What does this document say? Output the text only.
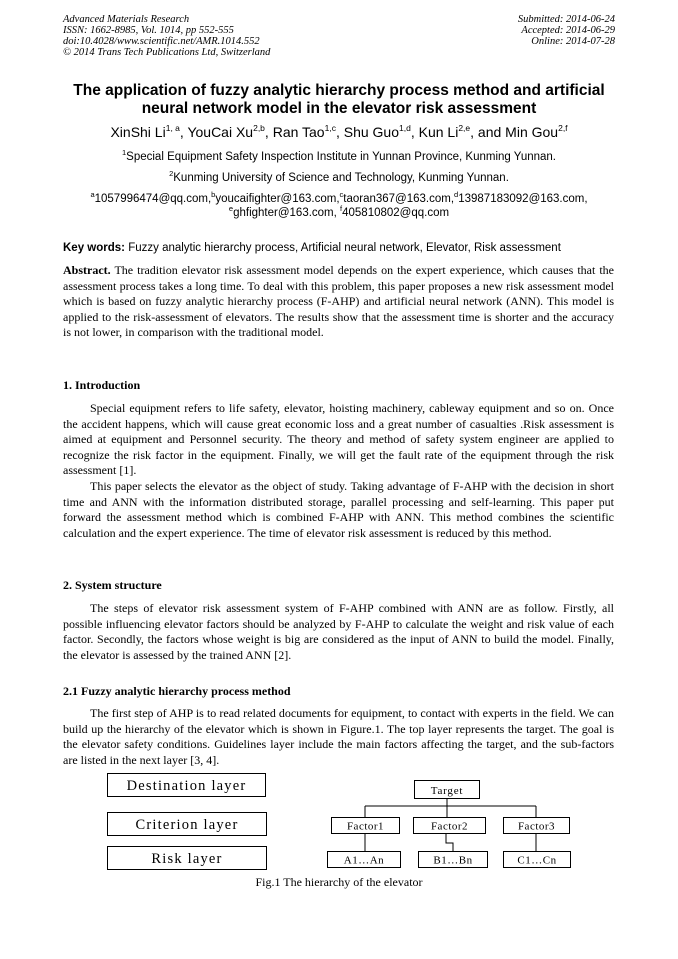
Advanced Materials Research
ISSN: 1662-8985, Vol. 1014, pp 552-555
doi:10.4028/www.scientific.net/AMR.1014.552
© 2014 Trans Tech Publications Ltd, Switzerland
Submitted: 2014-06-24
Accepted: 2014-06-29
Online: 2014-07-28
The application of fuzzy analytic hierarchy process method and artificial neural network model in the elevator risk assessment
XinShi Li$^{1, a}$, YouCai Xu$^{2,b}$, Ran Tao$^{1,c}$, Shu Guo$^{1,d}$, Kun Li$^{2,e}$, and Min Gou$^{2,f}$
$^1$Special Equipment Safety Inspection Institute in Yunnan Province, Kunming Yunnan.
$^2$Kunming University of Science and Technology, Kunming Yunnan.
$^a$1057996474@qq.com,$^b$youcaifighter@163.com,$^c$taoran367@163.com,$^d$13987183092@163.com,
$^e$ghfighter@163.com, $^f$405810802@qq.com
Key words: Fuzzy analytic hierarchy process, Artificial neural network, Elevator, Risk assessment

Abstract. The tradition elevator risk assessment model depends on the expert experience, which causes that the assessment process takes a long time. To deal with this problem, this paper proposes a new risk assessment model which is based on fuzzy analytic hierarchy process (F-AHP) and artificial neural network (ANN). This model is applied to the risk-assessment of elevators. The results show that the assessment time is shorter and the accuracy is not lower, in comparison with the traditional model.

1. Introduction

Special equipment refers to life safety, elevator, hoisting machinery, cableway equipment and so on. Once the accident happens, which will cause great economic loss and a great number of casualties .Risk assessment is aimed at equipment and Personnel security. The theory and method of safety system engineer are applied to recognize the risk factor in the equipment. Finally, we will get the fault rate of the equipment through the risk assessment [1].

This paper selects the elevator as the object of study. Taking advantage of F-AHP with the decision in short time and ANN with the information distributed storage, parallel processing and self-learning. This paper put forward the assessment method which is combined F-AHP with ANN. This method combines the scientific calculation and the expert experience. The time of elevator risk assessment is reduced by this method.

2. System structure

The steps of elevator risk assessment system of F-AHP combined with ANN are as follow. Firstly, all possible influencing elevator factors should be analyzed by F-AHP to calculate the weight and risk value of each factor. Secondly, the factors whose weight is big are considered as the input of ANN to build the model. Finally, the elevator is assessed by the trained ANN [2].

2.1 Fuzzy analytic hierarchy process method

The first step of AHP is to read related documents for equipment, to contact with experts in the field. We can build up the hierarchy of the elevator which is shown in Figure.1. The top layer represents the target. The goal is the elevator safety conditions. Guidelines layer include the main factors affecting the target, and the sub-factors are listed in the next layer [3, 4].

Destination layer
Criterion layer
Risk layer
Target
Factor1	Factor2	Factor3
A1…An	B1…Bn	C1…Cn
Fig.1 The hierarchy of the elevator
